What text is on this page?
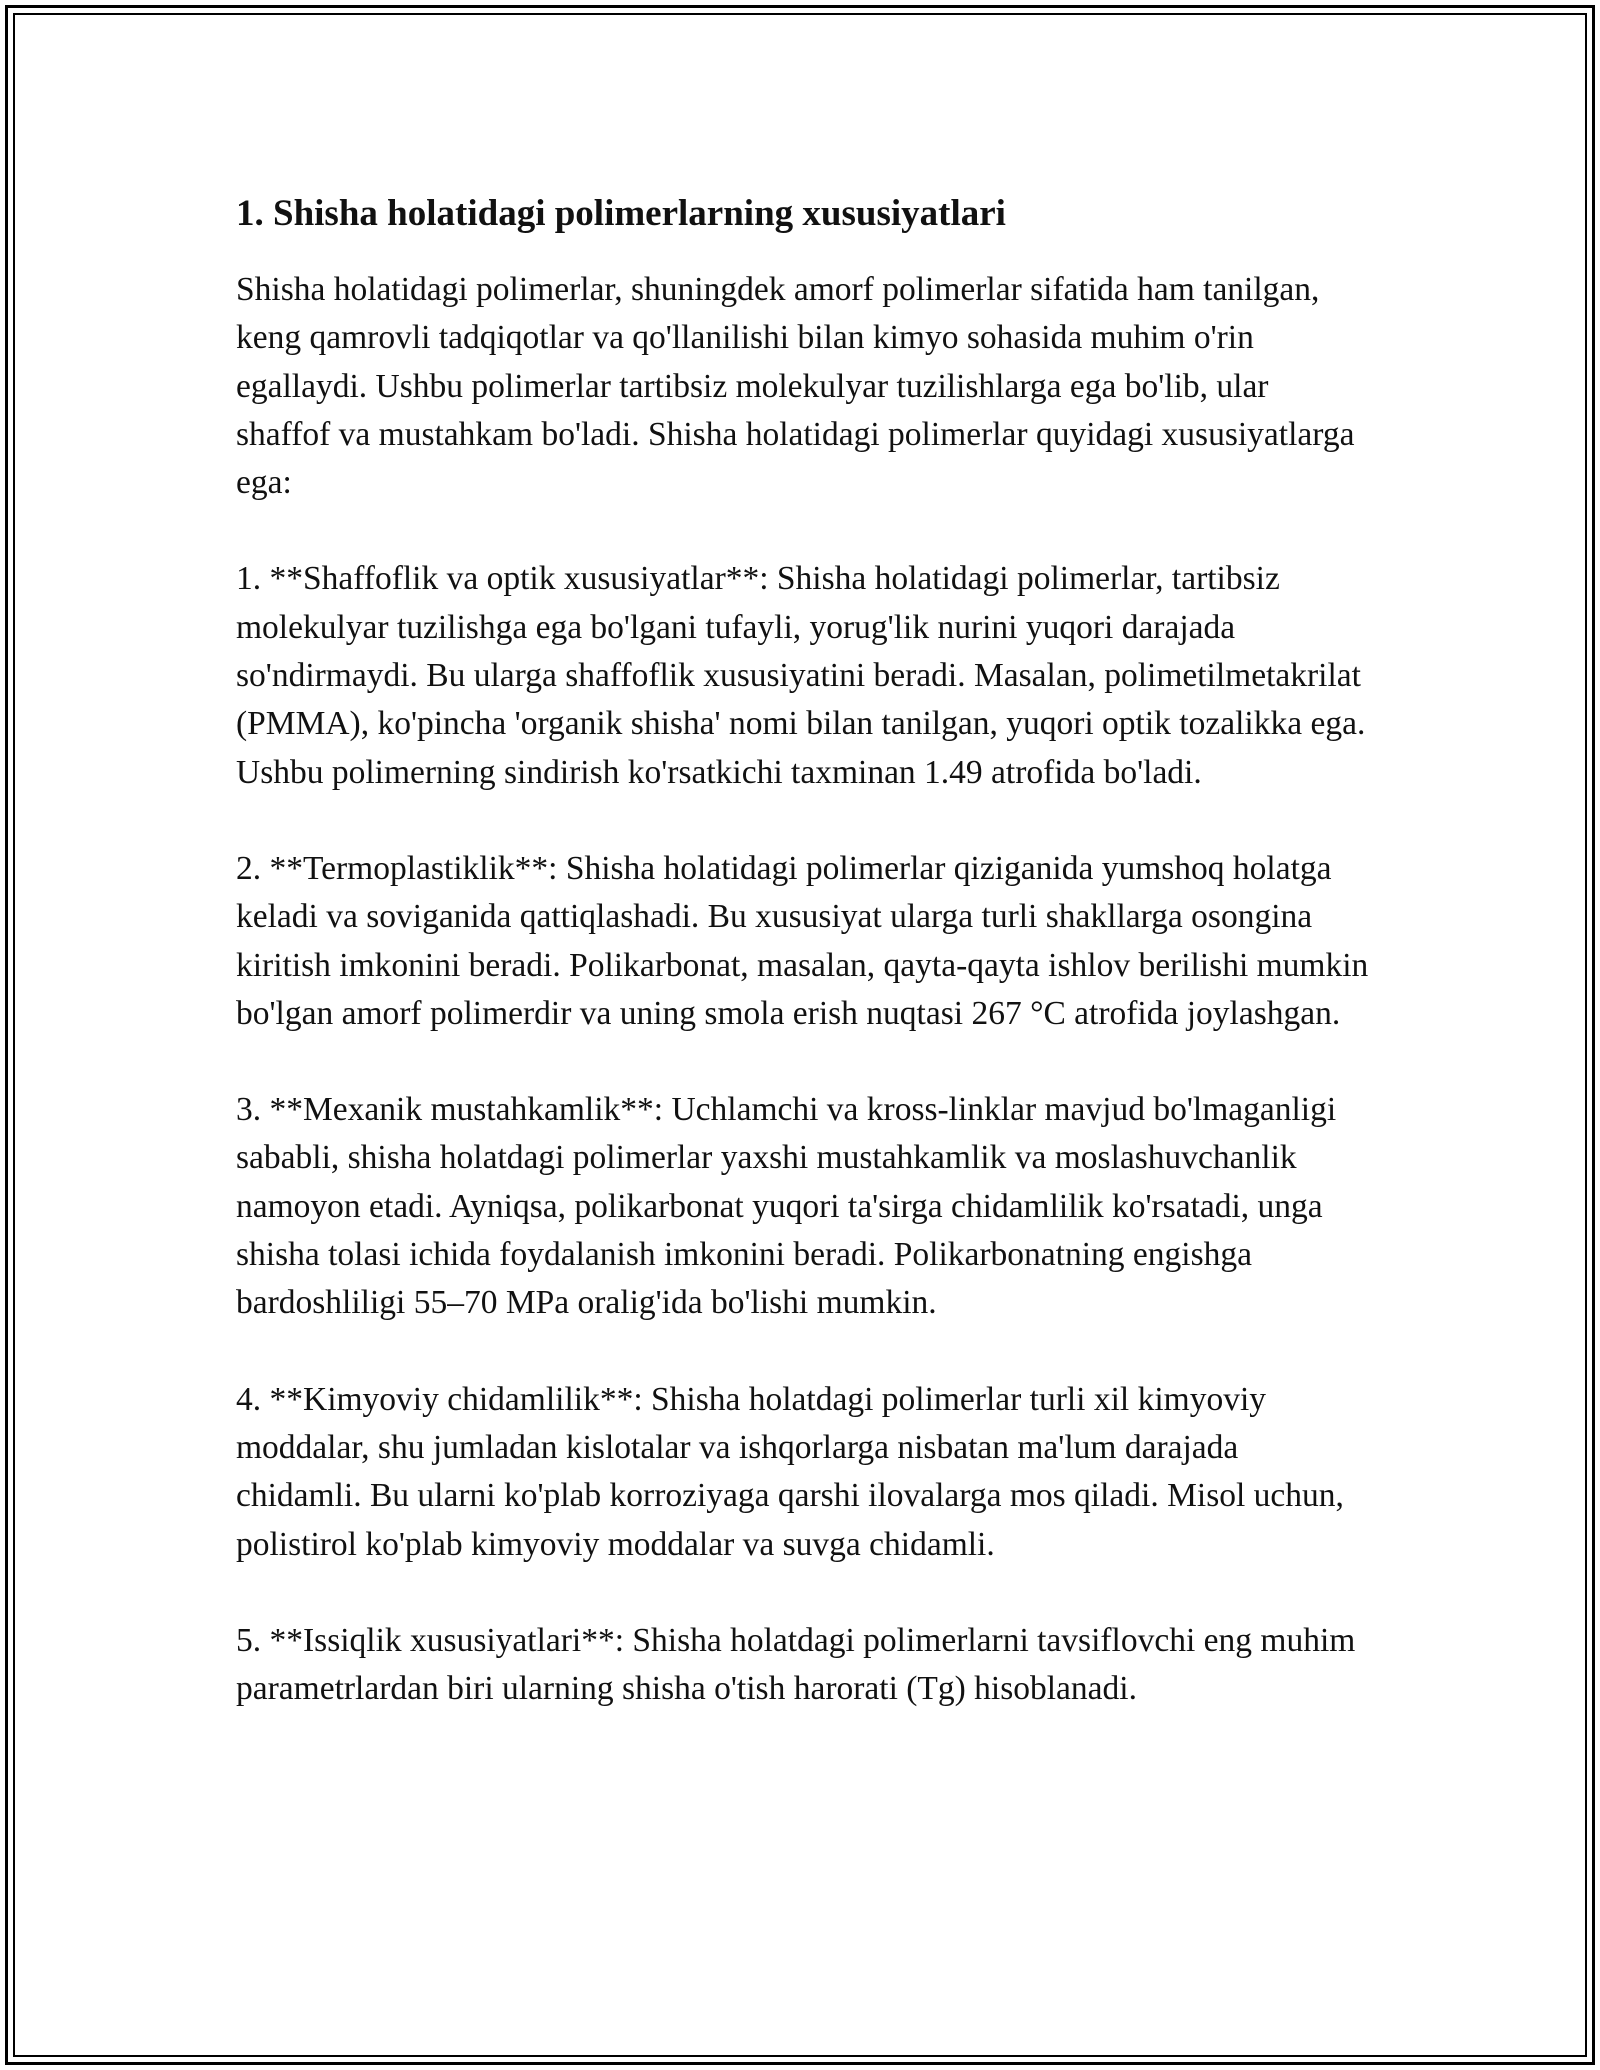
1. Shisha holatidagi polimerlarning xususiyatlari

Shisha holatidagi polimerlar, shuningdek amorf polimerlar sifatida ham tanilgan, keng qamrovli tadqiqotlar va qo'llanilishi bilan kimyo sohasida muhim o'rin egallaydi. Ushbu polimerlar tartibsiz molekulyar tuzilishlarga ega bo'lib, ular shaffof va mustahkam bo'ladi. Shisha holatidagi polimerlar quyidagi xususiyatlarga ega:

1. **Shaffoflik va optik xususiyatlar**: Shisha holatidagi polimerlar, tartibsiz molekulyar tuzilishga ega bo'lgani tufayli, yorug'lik nurini yuqori darajada so'ndirmaydi. Bu ularga shaffoflik xususiyatini beradi. Masalan, polimetilmetakrilat (PMMA), ko'pincha 'organik shisha' nomi bilan tanilgan, yuqori optik tozalikka ega. Ushbu polimerning sindirish ko'rsatkichi taxminan 1.49 atrofida bo'ladi.

2. **Termoplastiklik**: Shisha holatidagi polimerlar qiziganida yumshoq holatga keladi va soviganida qattiqlashadi. Bu xususiyat ularga turli shakllarga osongina kiritish imkonini beradi. Polikarbonat, masalan, qayta-qayta ishlov berilishi mumkin bo'lgan amorf polimerdir va uning smola erish nuqtasi 267 °C atrofida joylashgan.

3. **Mexanik mustahkamlik**: Uchlamchi va kross-linklar mavjud bo'lmaganligi sababli, shisha holatdagi polimerlar yaxshi mustahkamlik va moslashuvchanlik namoyon etadi. Ayniqsa, polikarbonat yuqori ta'sirga chidamlilik ko'rsatadi, unga shisha tolasi ichida foydalanish imkonini beradi. Polikarbonatning engishga bardoshliligi 55–70 MPa oralig'ida bo'lishi mumkin.

4. **Kimyoviy chidamlilik**: Shisha holatdagi polimerlar turli xil kimyoviy moddalar, shu jumladan kislotalar va ishqorlarga nisbatan ma'lum darajada chidamli. Bu ularni ko'plab korroziyaga qarshi ilovalarga mos qiladi. Misol uchun, polistirol ko'plab kimyoviy moddalar va suvga chidamli.

5. **Issiqlik xususiyatlari**: Shisha holatdagi polimerlarni tavsiflovchi eng muhim parametrlardan biri ularning shisha o'tish harorati (Tg) hisoblanadi.
